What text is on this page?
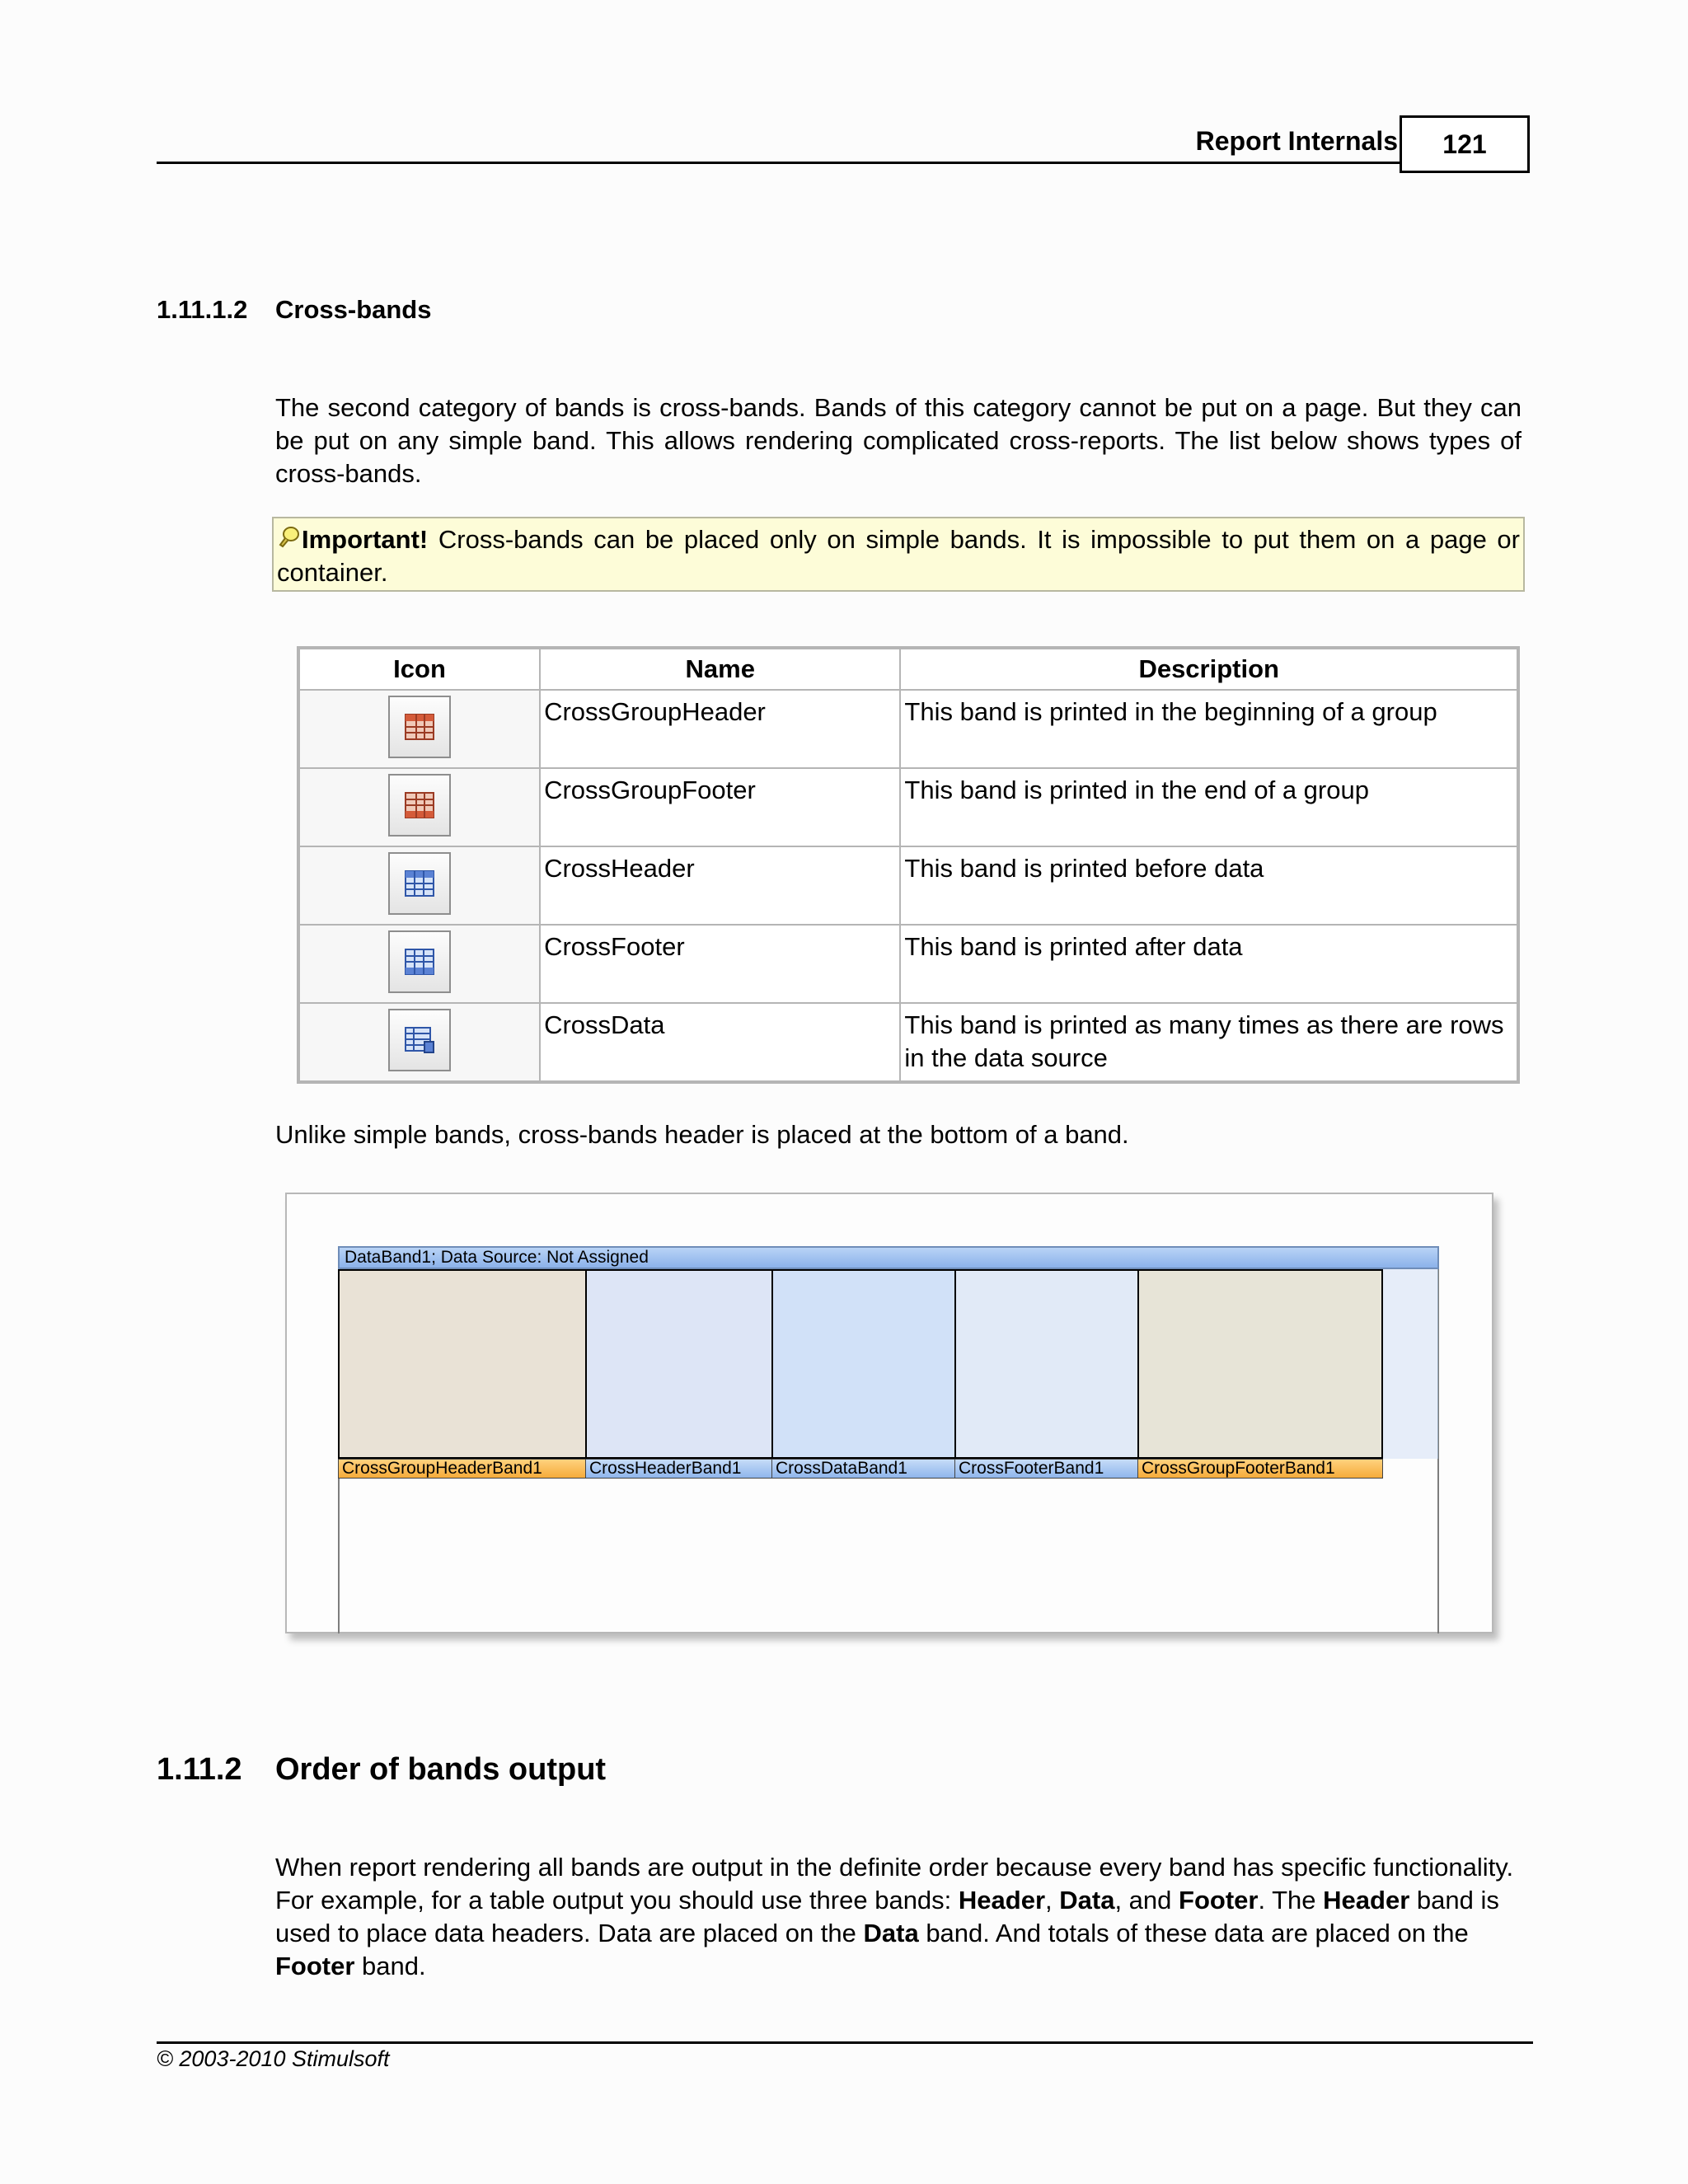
Report Internals	121
1.11.1.2 Cross-bands
The second category of bands is cross-bands. Bands of this category cannot be put on a page. But they can be put on any simple band. This allows rendering complicated cross-reports. The list below shows types of cross-bands.
Important! Cross-bands can be placed only on simple bands. It is impossible to put them on a page or container.
Icon	Name	Description

	CrossGroupHeader	This band is printed in the beginning of a group

	CrossGroupFooter	This band is printed in the end of a group

	CrossHeader	This band is printed before data

	CrossFooter	This band is printed after data

	CrossData	This band is printed as many times as there are rows in the data source
Unlike simple bands, cross-bands header is placed at the bottom of a band.
DataBand1; Data Source: Not Assigned
CrossGroupHeaderBand1	CrossHeaderBand1	CrossDataBand1	CrossFooterBand1	CrossGroupFooterBand1
1.11.2 Order of bands output
When report rendering all bands are output in the definite order because every band has specific functionality. For example, for a table output you should use three bands: Header, Data, and Footer. The Header band is used to place data headers. Data are placed on the Data band. And totals of these data are placed on the Footer band.
© 2003-2010 Stimulsoft
